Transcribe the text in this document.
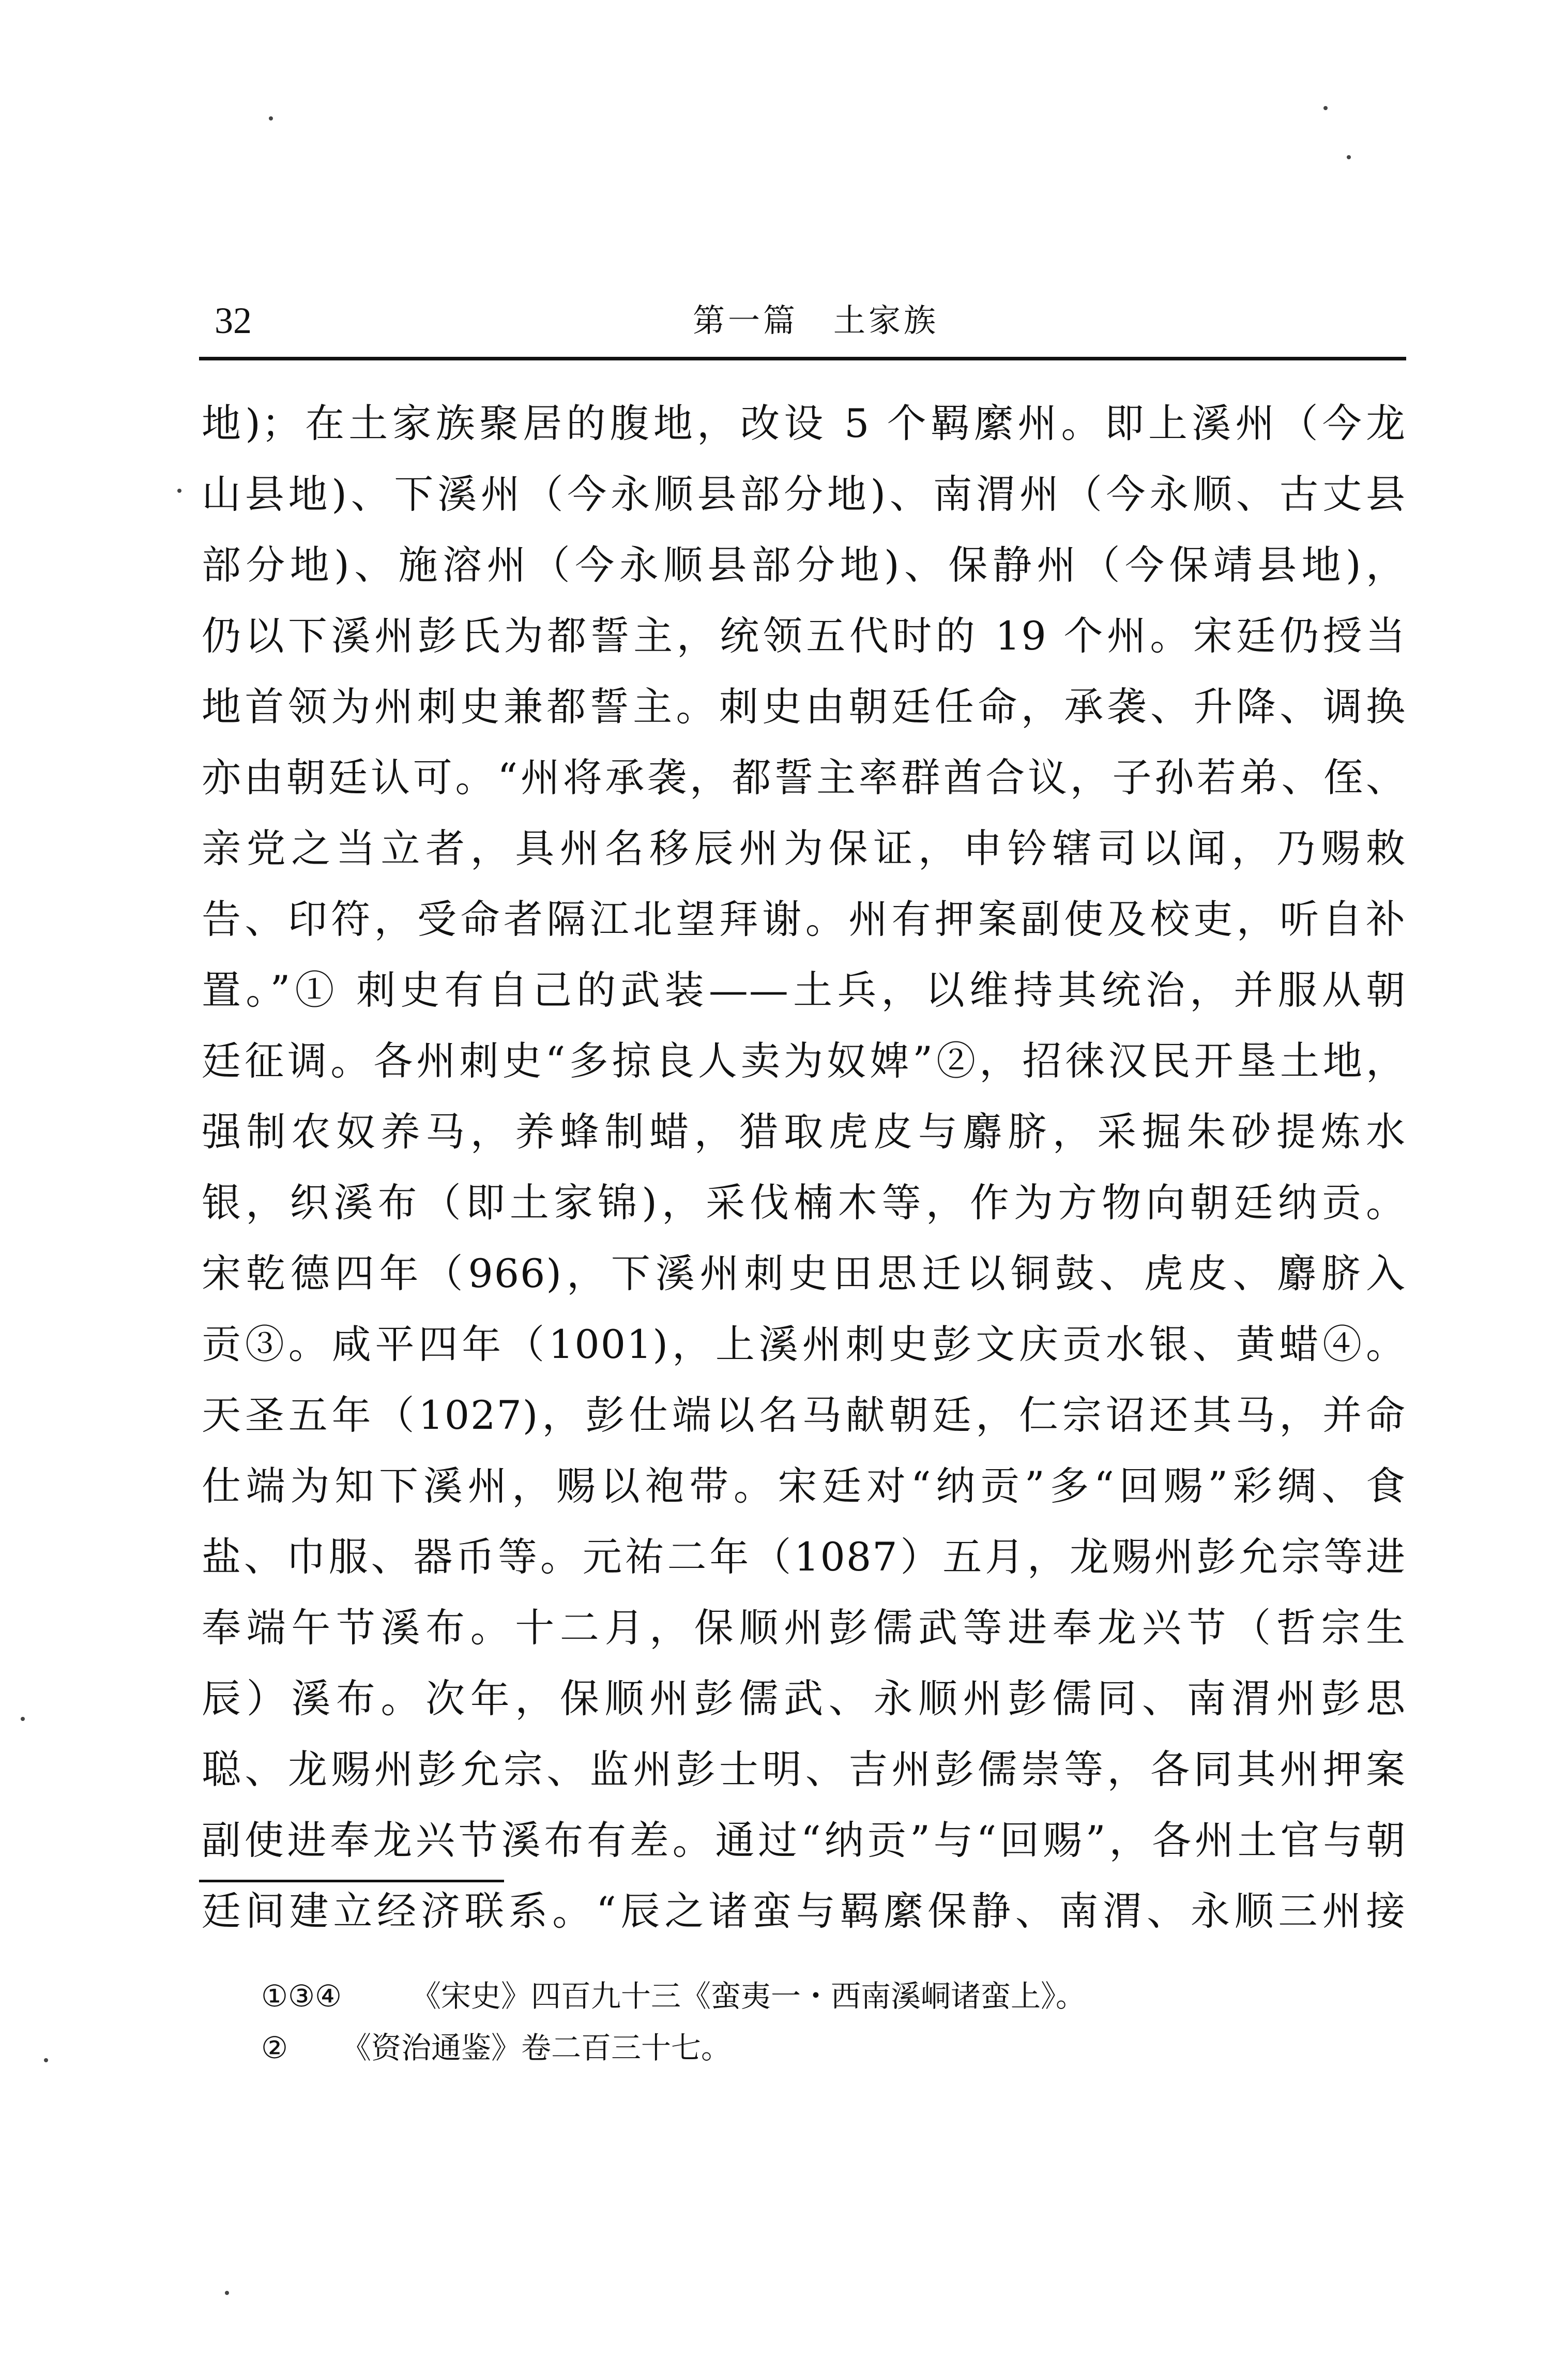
32	第一篇　土家族
地)；在土家族聚居的腹地，改设 5 个羁縻州。即上溪州（今龙
山县地)、下溪州（今永顺县部分地)、南渭州（今永顺、古丈县
部分地)、施溶州（今永顺县部分地)、保静州（今保靖县地)，
仍以下溪州彭氏为都誓主，统领五代时的 19 个州。宋廷仍授当
地首领为州刺史兼都誓主。刺史由朝廷任命，承袭、升降、调换
亦由朝廷认可。“州将承袭，都誓主率群酋合议，子孙若弟、侄、
亲党之当立者，具州名移辰州为保证，申钤辖司以闻，乃赐敕
告、印符，受命者隔江北望拜谢。州有押案副使及校吏，听自补
置。”① 刺史有自己的武装——土兵，以维持其统治，并服从朝
廷征调。各州刺史“多掠良人卖为奴婢”②，招徕汉民开垦土地，
强制农奴养马，养蜂制蜡，猎取虎皮与麝脐，采掘朱砂提炼水
银，织溪布（即土家锦)，采伐楠木等，作为方物向朝廷纳贡。
宋乾德四年（966)，下溪州刺史田思迁以铜鼓、虎皮、麝脐入
贡③。咸平四年（1001)，上溪州刺史彭文庆贡水银、黄蜡④。
天圣五年（1027)，彭仕端以名马献朝廷，仁宗诏还其马，并命
仕端为知下溪州，赐以袍带。宋廷对“纳贡”多“回赐”彩绸、食
盐、巾服、器币等。元祐二年（1087）五月，龙赐州彭允宗等进
奉端午节溪布。十二月，保顺州彭儒武等进奉龙兴节（哲宗生
辰）溪布。次年，保顺州彭儒武、永顺州彭儒同、南渭州彭思
聪、龙赐州彭允宗、监州彭士明、吉州彭儒崇等，各同其州押案
副使进奉龙兴节溪布有差。通过“纳贡”与“回赐”，各州土官与朝
廷间建立经济联系。“辰之诸蛮与羁縻保静、南渭、永顺三州接
①③④ 《宋史》四百九十三《蛮夷一・西南溪峒诸蛮上》。
② 《资治通鉴》卷二百三十七。
